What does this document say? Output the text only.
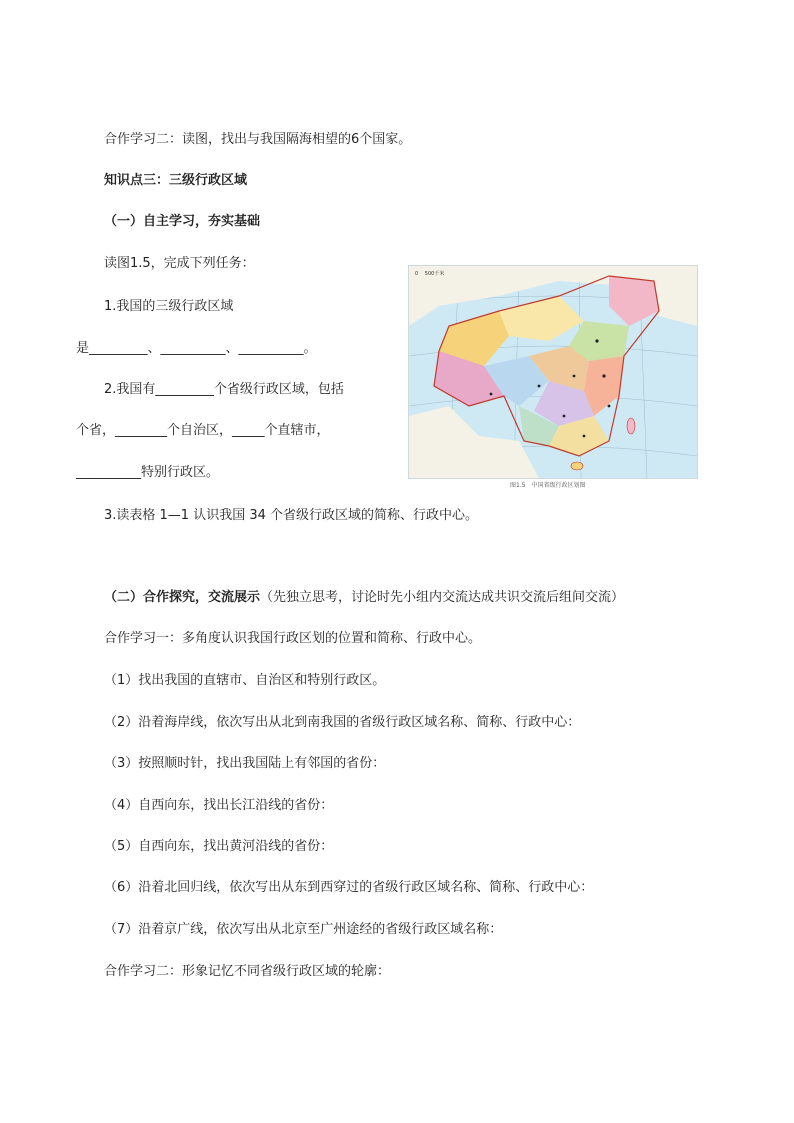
合作学习二：读图，找出与我国隔海相望的6个国家。
知识点三：三级行政区域
（一）自主学习，夯实基础
读图1.5，完成下列任务：
1.我国的三级行政区域
是_________、__________、__________。
2.我国有_________个省级行政区域，包括
个省，________个自治区，_____个直辖市，
__________特别行政区。
0　 500千米
图1.5　中国省级行政区划图
3.读表格 1—1 认识我国 34 个省级行政区域的简称、行政中心。
（二）合作探究，交流展示（先独立思考，讨论时先小组内交流达成共识交流后组间交流）
合作学习一：多角度认识我国行政区划的位置和简称、行政中心。
（1）找出我国的直辖市、自治区和特别行政区。
（2）沿着海岸线，依次写出从北到南我国的省级行政区域名称、简称、行政中心：
（3）按照顺时针，找出我国陆上有邻国的省份：
（4）自西向东，找出长江沿线的省份：
（5）自西向东，找出黄河沿线的省份：
（6）沿着北回归线，依次写出从东到西穿过的省级行政区域名称、简称、行政中心：
（7）沿着京广线，依次写出从北京至广州途经的省级行政区域名称：
合作学习二：形象记忆不同省级行政区域的轮廓：
